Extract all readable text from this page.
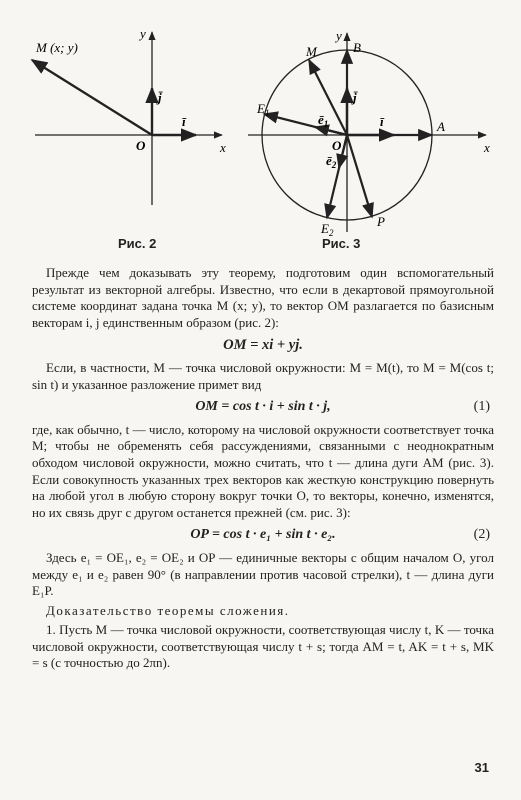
y
x
O
M (x; y)
ī
j̄
y
x
O
M	B
A
$E_1$
$E_2$
P
$ē_1$
$ē_2$
ī
j̄
Рис. 2	Рис. 3

Прежде чем доказывать эту теорему, подготовим один вспомогательный результат из векторной алгебры. Известно, что если в декартовой прямоугольной системе координат задана точка M (x; y), то вектор OM разлагается по базисным векторам i, j единственным образом (рис. 2):

OM = xi + yj.

Если, в частности, M — точка числовой окружности: M = M(t), то M = M(cos t; sin t) и указанное разложение примет вид

OM = cos t · i + sin t · j,	(1)

где, как обычно, t — число, которому на числовой окружности соответствует точка M; чтобы не обременять себя рассуждениями, связанными с неоднократным обходом числовой окружности, можно считать, что t — длина дуги AM (рис. 3). Если совокупность указанных трех векторов как жесткую конструкцию повернуть на любой угол в любую сторону вокруг точки O, то векторы, конечно, изменятся, но их связь друг с другом останется прежней (см. рис. 3):

OP = cos t · e₁ + sin t · e₂.	(2)

Здесь e₁ = OE₁, e₂ = OE₂ и OP — единичные векторы с общим началом O, угол между e₁ и e₂ равен 90° (в направлении против часовой стрелки), t — длина дуги E₁P.

Доказательство теоремы сложения.

1. Пусть M — точка числовой окружности, соответствующая числу t, K — точка числовой окружности, соответствующая числу t + s; тогда AM = t, AK = t + s, MK = s (с точностью до 2πn).

31
